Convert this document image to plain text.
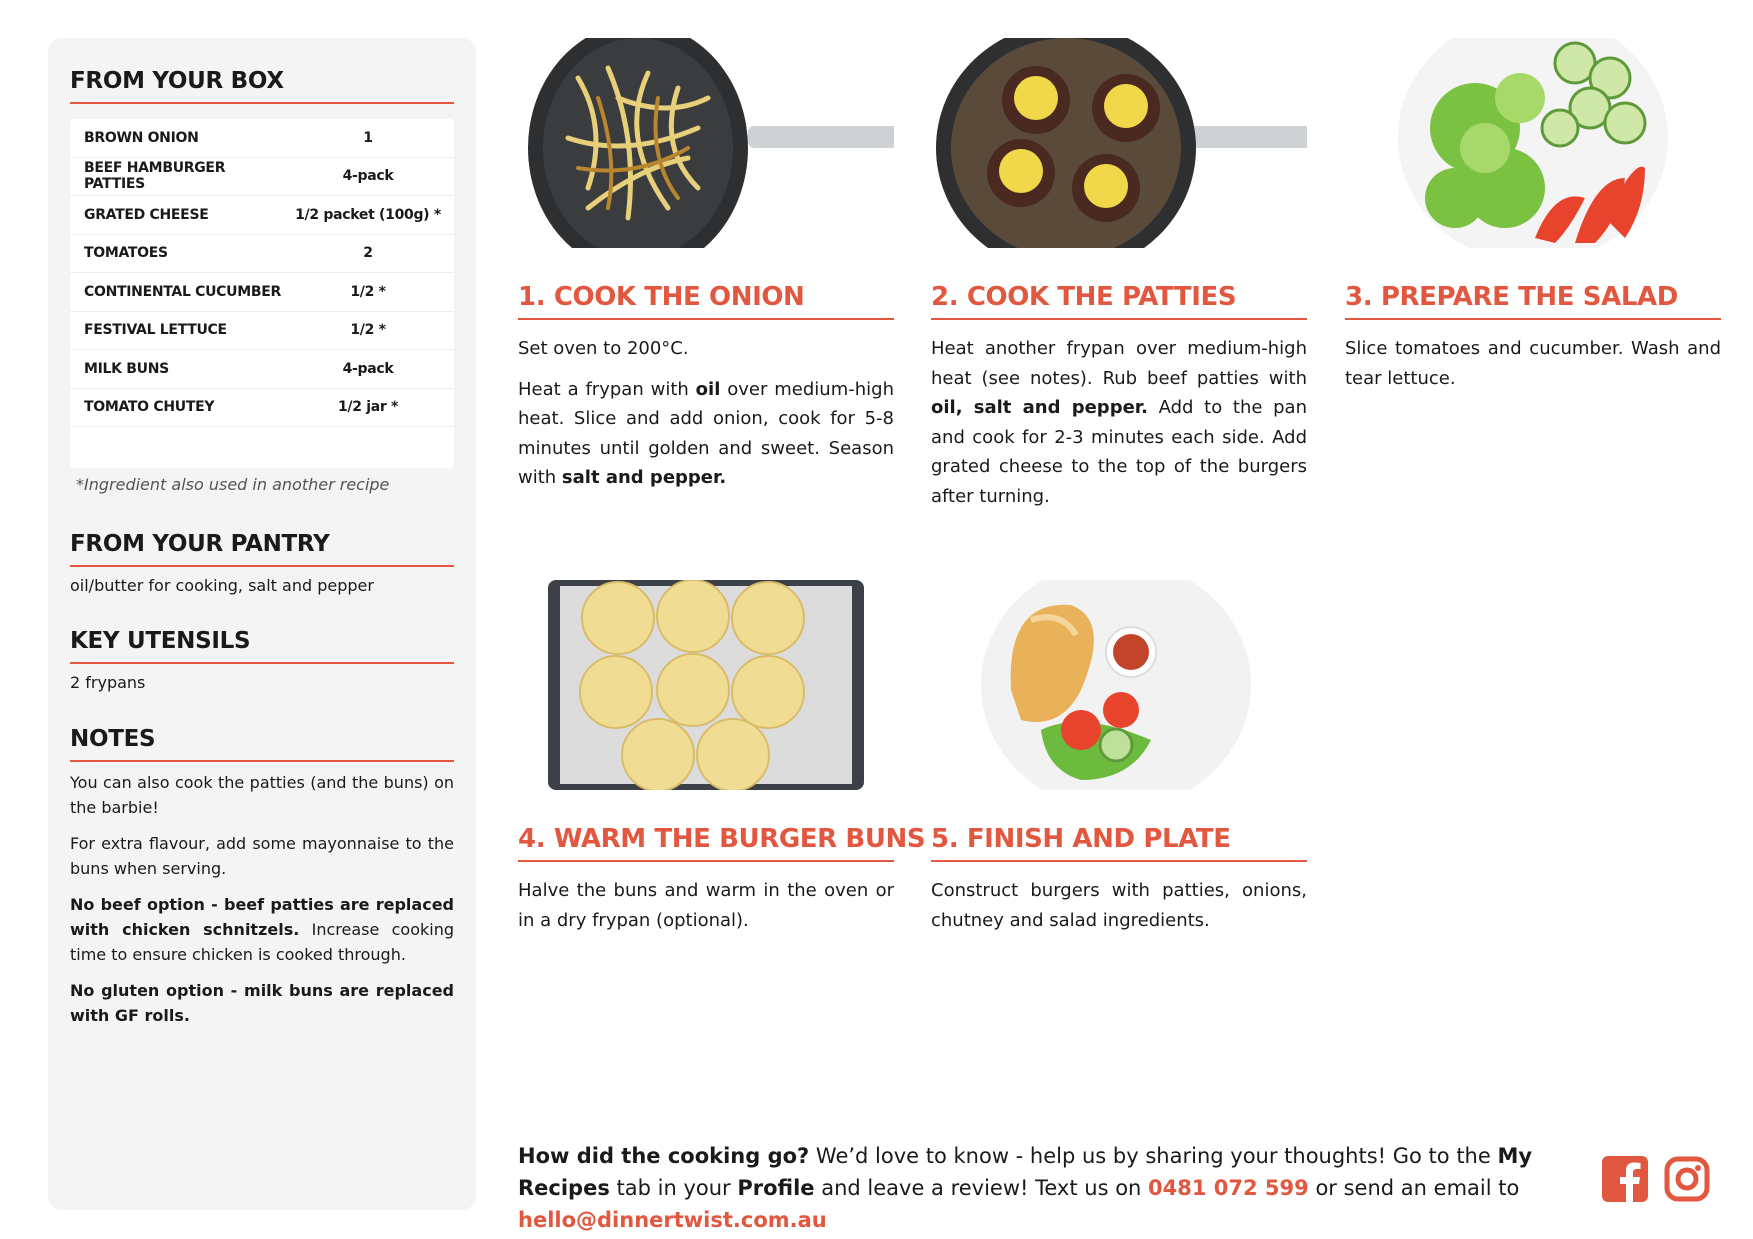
FROM YOUR BOX
BROWN ONION	1
BEEF HAMBURGER PATTIES	4-pack
GRATED CHEESE	1/2 packet (100g) *
TOMATOES	2
CONTINENTAL CUCUMBER	1/2 *
FESTIVAL LETTUCE	1/2 *
MILK BUNS	4-pack
TOMATO CHUTEY	1/2 jar *
*Ingredient also used in another recipe
FROM YOUR PANTRY
oil/butter for cooking, salt and pepper
KEY UTENSILS
2 frypans
NOTES

You can also cook the patties (and the buns) on the barbie!

For extra flavour, add some mayonnaise to the buns when serving.

No beef option - beef patties are replaced with chicken schnitzels. Increase cooking time to ensure chicken is cooked through.

No gluten option - milk buns are replaced with GF rolls.

1. COOK THE ONION

Set oven to 200°C.

Heat a frypan with oil over medium-high heat. Slice and add onion, cook for 5-8 minutes until golden and sweet. Season with salt and pepper.

2. COOK THE PATTIES

Heat another frypan over medium-high heat (see notes). Rub beef patties with oil, salt and pepper. Add to the pan and cook for 2-3 minutes each side. Add grated cheese to the top of the burgers after turning.

3. PREPARE THE SALAD

Slice tomatoes and cucumber. Wash and tear lettuce.

4. WARM THE BURGER BUNS

Halve the buns and warm in the oven or in a dry frypan (optional).

5. FINISH AND PLATE

Construct burgers with patties, onions, chutney and salad ingredients.

How did the cooking go? We’d love to know - help us by sharing your thoughts! Go to the My Recipes tab in your Profile and leave a review! Text us on 0481 072 599 or send an email to hello@dinnertwist.com.au
